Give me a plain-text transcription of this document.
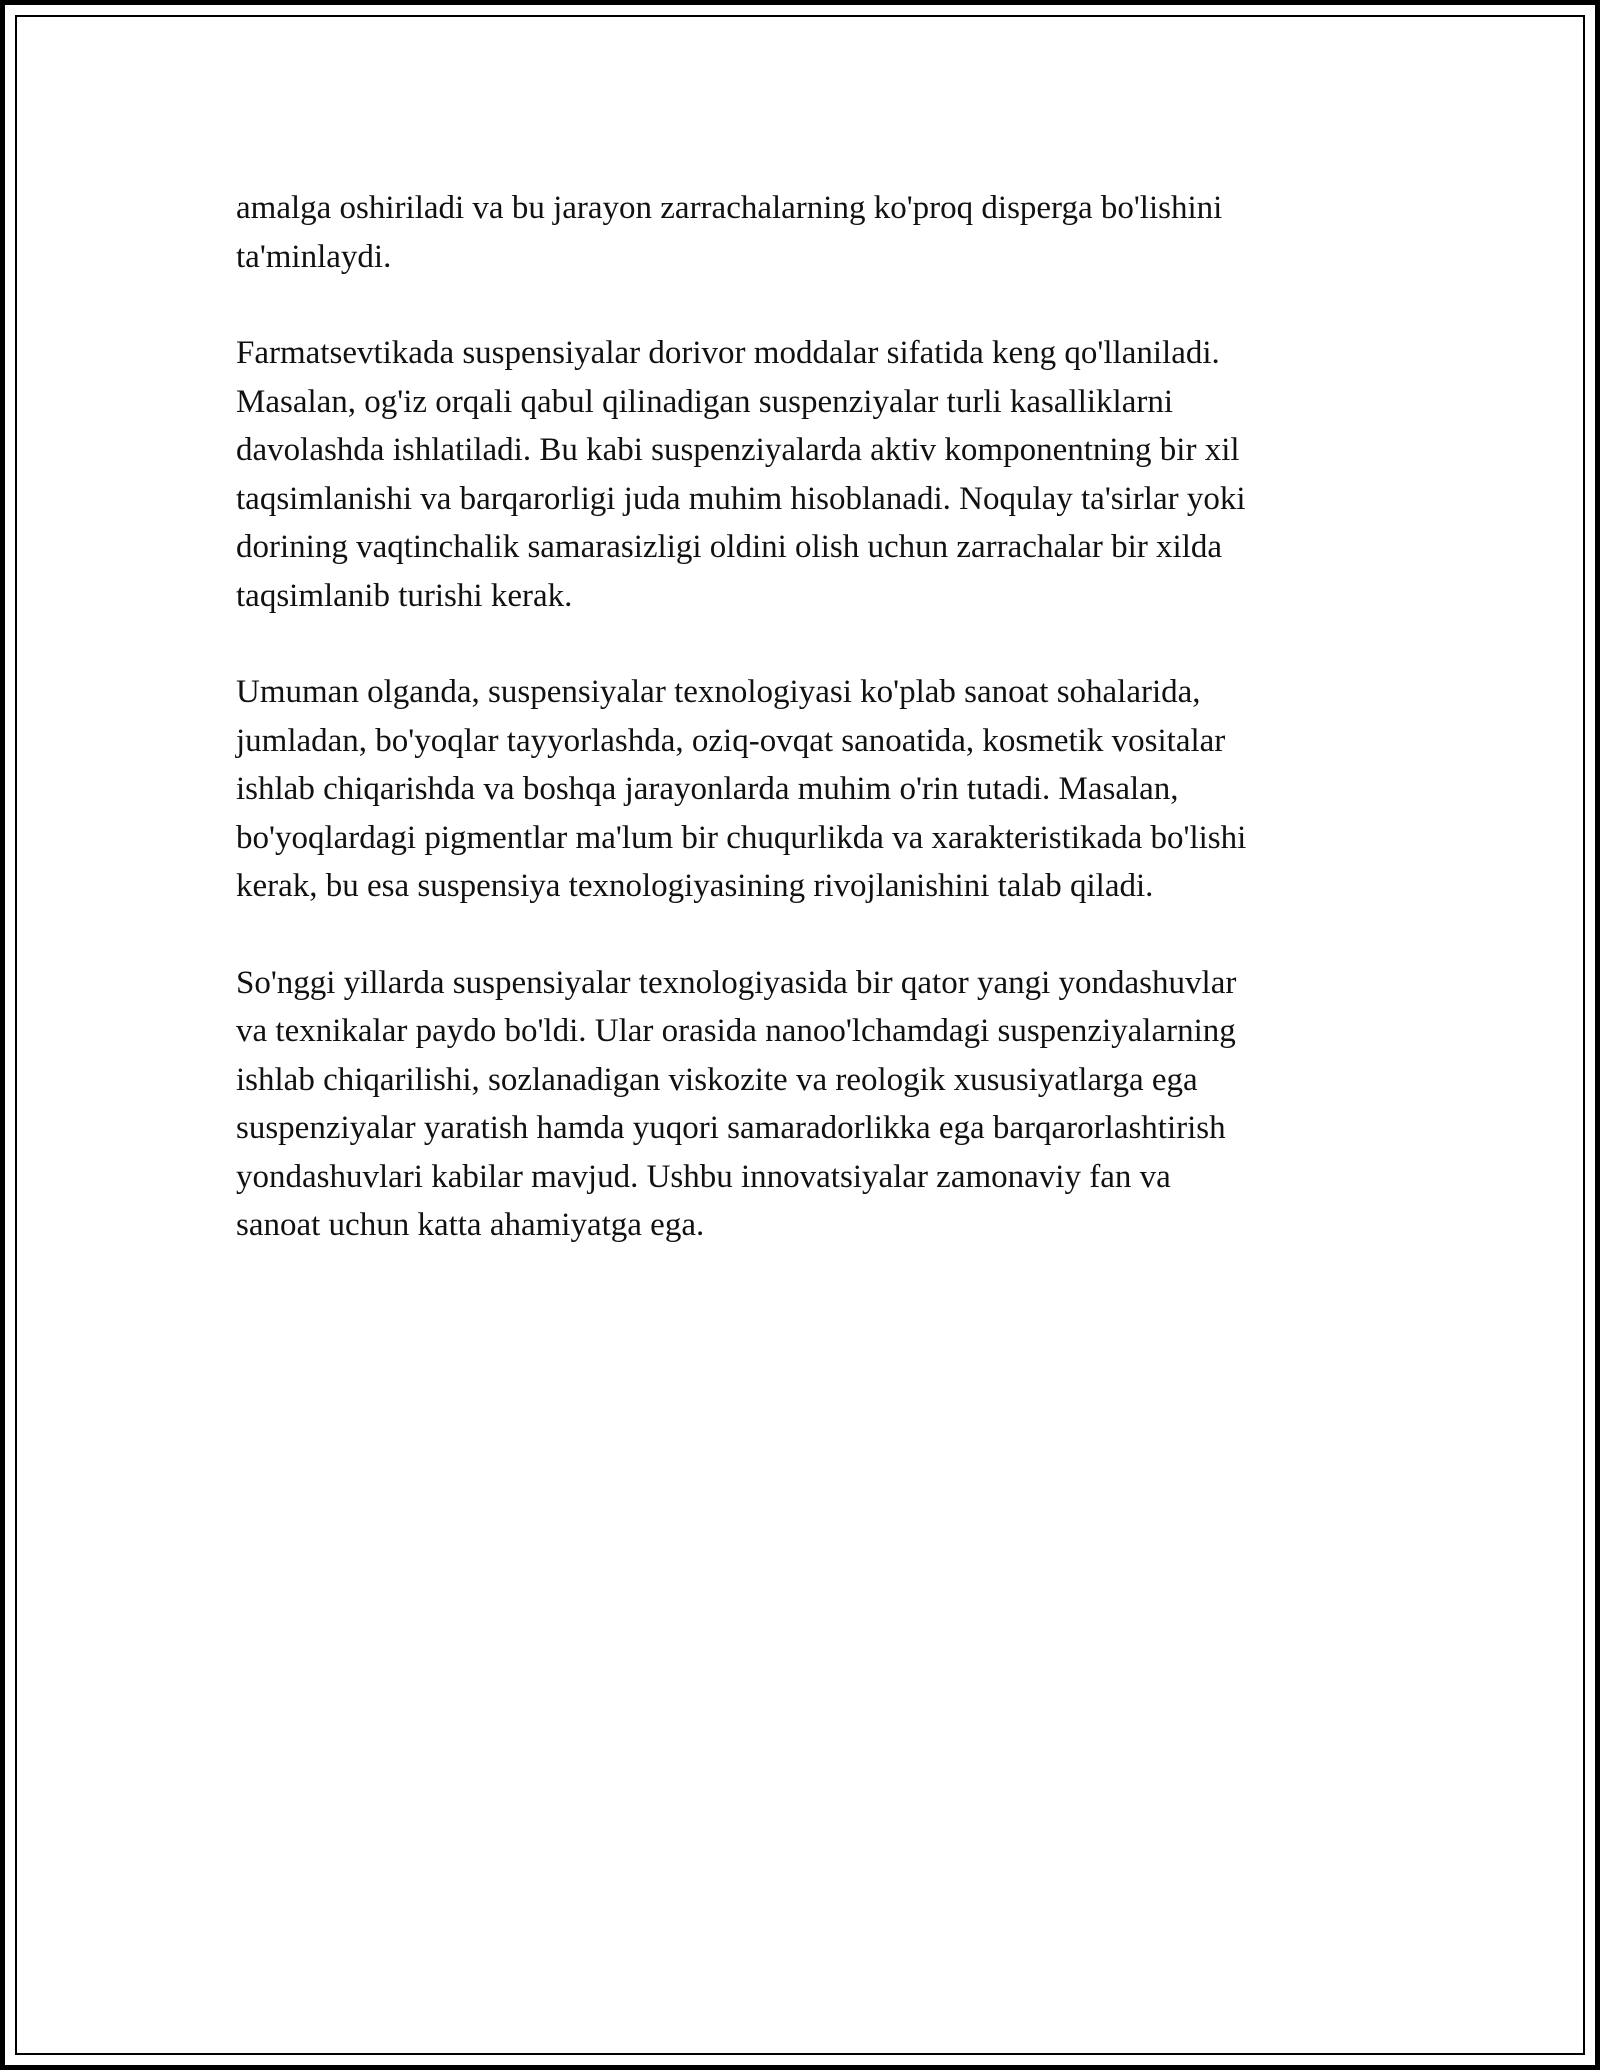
amalga oshiriladi va bu jarayon zarrachalarning ko'proq disperga bo'lishini
ta'minlaydi.

Farmatsevtikada suspensiyalar dorivor moddalar sifatida keng qo'llaniladi.
Masalan, og'iz orqali qabul qilinadigan suspenziyalar turli kasalliklarni
davolashda ishlatiladi. Bu kabi suspenziyalarda aktiv komponentning bir xil
taqsimlanishi va barqarorligi juda muhim hisoblanadi. Noqulay ta'sirlar yoki
dorining vaqtinchalik samarasizligi oldini olish uchun zarrachalar bir xilda
taqsimlanib turishi kerak.

Umuman olganda, suspensiyalar texnologiyasi ko'plab sanoat sohalarida,
jumladan, bo'yoqlar tayyorlashda, oziq-ovqat sanoatida, kosmetik vositalar
ishlab chiqarishda va boshqa jarayonlarda muhim o'rin tutadi. Masalan,
bo'yoqlardagi pigmentlar ma'lum bir chuqurlikda va xarakteristikada bo'lishi
kerak, bu esa suspensiya texnologiyasining rivojlanishini talab qiladi.

So'nggi yillarda suspensiyalar texnologiyasida bir qator yangi yondashuvlar
va texnikalar paydo bo'ldi. Ular orasida nanoo'lchamdagi suspenziyalarning
ishlab chiqarilishi, sozlanadigan viskozite va reologik xususiyatlarga ega
suspenziyalar yaratish hamda yuqori samaradorlikka ega barqarorlashtirish
yondashuvlari kabilar mavjud. Ushbu innovatsiyalar zamonaviy fan va
sanoat uchun katta ahamiyatga ega.
